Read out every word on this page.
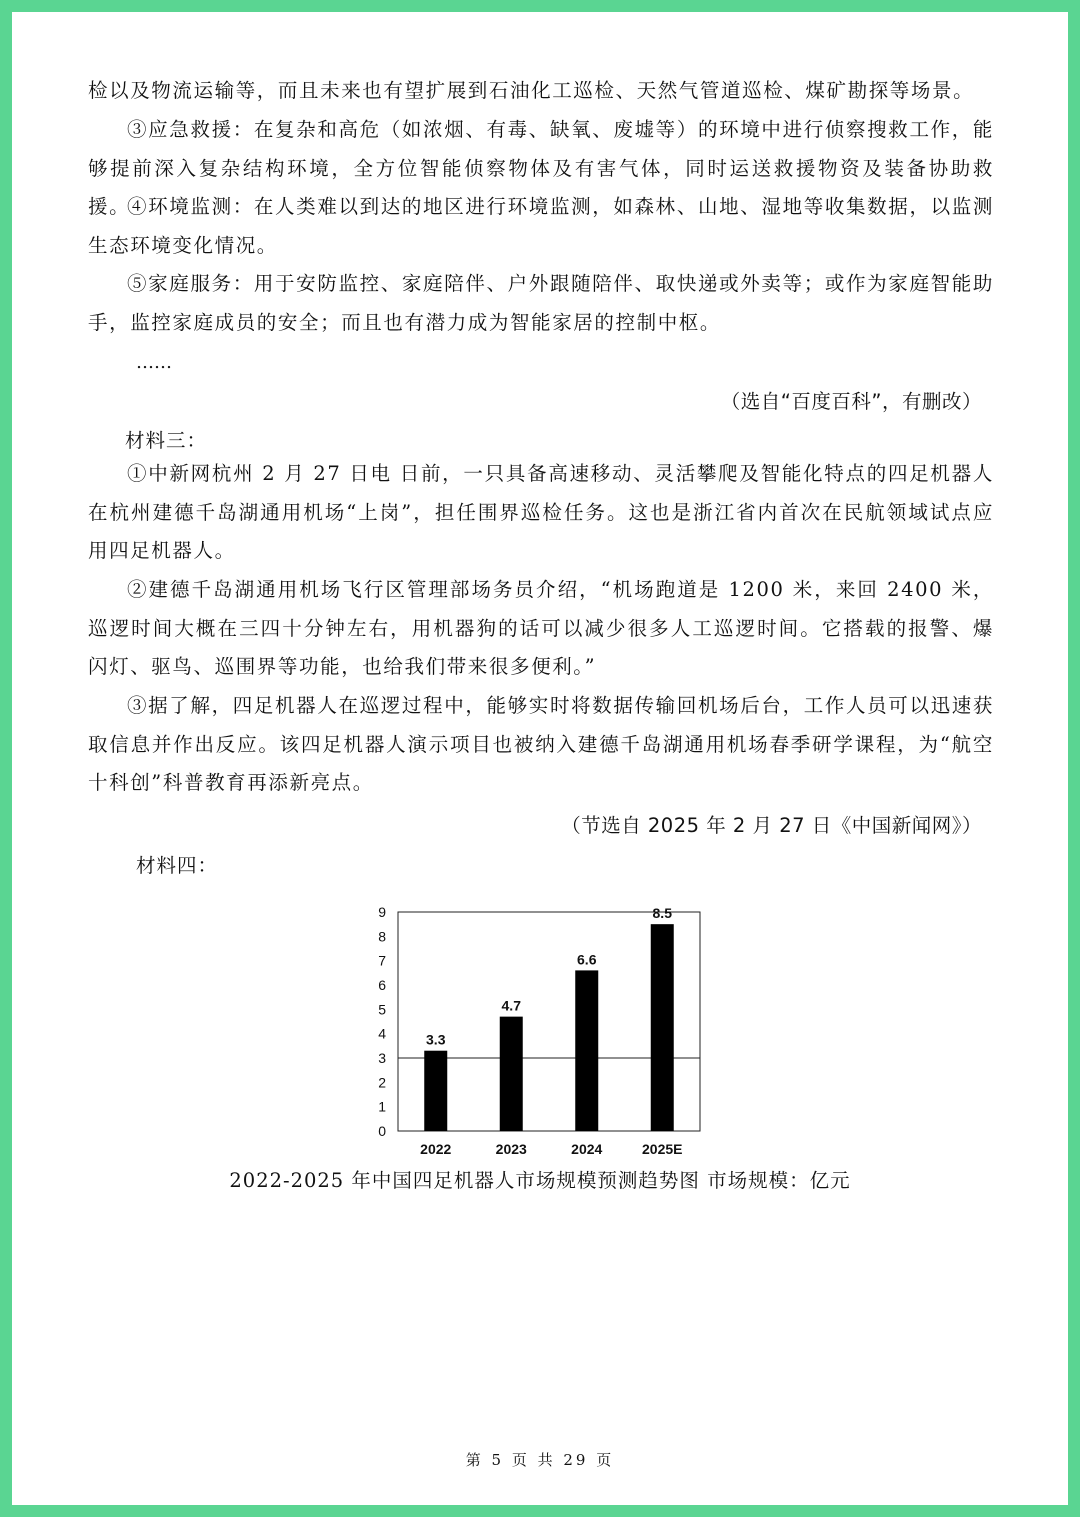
检以及物流运输等，而且未来也有望扩展到石油化工巡检、天然气管道巡检、煤矿勘探等场景。

③应急救援：在复杂和高危（如浓烟、有毒、缺氧、废墟等）的环境中进行侦察搜救工作，能够提前深入复杂结构环境，全方位智能侦察物体及有害气体，同时运送救援物资及装备协助救援。

④环境监测：在人类难以到达的地区进行环境监测，如森林、山地、湿地等收集数据，以监测生态环境变化情况。

⑤家庭服务：用于安防监控、家庭陪伴、户外跟随陪伴、取快递或外卖等；或作为家庭智能助手，监控家庭成员的安全；而且也有潜力成为智能家居的控制中枢。

……

（选自“百度百科”，有删改）

材料三：

①中新网杭州 2 月 27 日电 日前，一只具备高速移动、灵活攀爬及智能化特点的四足机器人在杭州建德千岛湖通用机场“上岗”，担任围界巡检任务。这也是浙江省内首次在民航领域试点应用四足机器人。

②建德千岛湖通用机场飞行区管理部场务员介绍，“机场跑道是 1200 米，来回 2400 米，巡逻时间大概在三四十分钟左右，用机器狗的话可以减少很多人工巡逻时间。它搭载的报警、爆闪灯、驱鸟、巡围界等功能，也给我们带来很多便利。”

③据了解，四足机器人在巡逻过程中，能够实时将数据传输回机场后台，工作人员可以迅速获取信息并作出反应。该四足机器人演示项目也被纳入建德千岛湖通用机场春季研学课程，为“航空十科创”科普教育再添新亮点。

（节选自 2025 年 2 月 27 日《中国新闻网》）

材料四：

0
1
2
3
4
5
6
7
8
9
3.3
2022
4.7
2023
6.6
2024
8.5
2025E

2022-2025 年中国四足机器人市场规模预测趋势图 市场规模：亿元

第 5 页 共 29 页
